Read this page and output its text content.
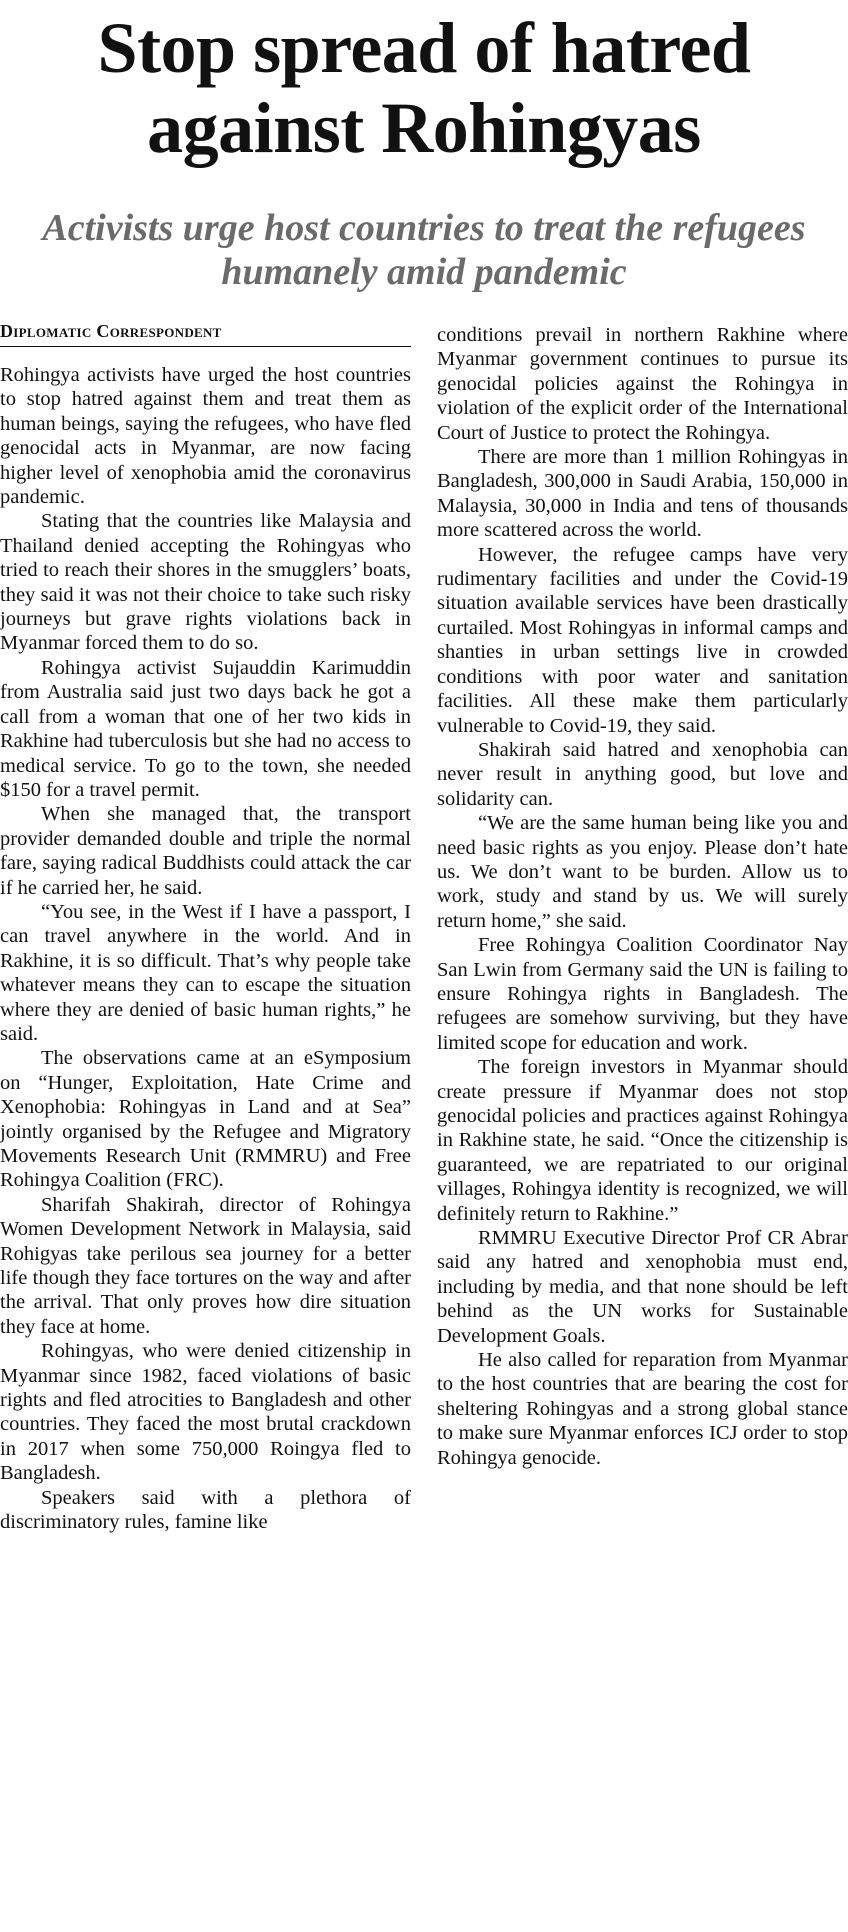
Stop spread of hatred against Rohingyas
Activists urge host countries to treat the refugees humanely amid pandemic
Diplomatic Correspondent

Rohingya activists have urged the host countries to stop hatred against them and treat them as human beings, saying the refugees, who have fled genocidal acts in Myanmar, are now facing higher level of xenophobia amid the coronavirus pandemic.

Stating that the countries like Malaysia and Thailand denied accepting the Rohingyas who tried to reach their shores in the smugglers’ boats, they said it was not their choice to take such risky journeys but grave rights violations back in Myanmar forced them to do so.

Rohingya activist Sujauddin Karimuddin from Australia said just two days back he got a call from a woman that one of her two kids in Rakhine had tuberculosis but she had no access to medical service. To go to the town, she needed $150 for a travel permit.

When she managed that, the transport provider demanded double and triple the normal fare, saying radical Buddhists could attack the car if he carried her, he said.

“You see, in the West if I have a passport, I can travel anywhere in the world. And in Rakhine, it is so difficult. That’s why people take whatever means they can to escape the situation where they are denied of basic human rights,” he said.

The observations came at an eSymposium on “Hunger, Exploitation, Hate Crime and Xenophobia: Rohingyas in Land and at Sea” jointly organised by the Refugee and Migratory Movements Research Unit (RMMRU) and Free Rohingya Coalition (FRC).

Sharifah Shakirah, director of Rohingya Women Development Network in Malaysia, said Rohigyas take perilous sea journey for a better life though they face tortures on the way and after the arrival. That only proves how dire situation they face at home.

Rohingyas, who were denied citizenship in Myanmar since 1982, faced violations of basic rights and fled atrocities to Bangladesh and other countries. They faced the most brutal crackdown in 2017 when some 750,000 Roingya fled to Bangladesh.

Speakers said with a plethora of discriminatory rules, famine like

conditions prevail in northern Rakhine where Myanmar government continues to pursue its genocidal policies against the Rohingya in violation of the explicit order of the International Court of Justice to protect the Rohingya.

There are more than 1 million Rohingyas in Bangladesh, 300,000 in Saudi Arabia, 150,000 in Malaysia, 30,000 in India and tens of thousands more scattered across the world.

However, the refugee camps have very rudimentary facilities and under the Covid-19 situation available services have been drastically curtailed. Most Rohingyas in informal camps and shanties in urban settings live in crowded conditions with poor water and sanitation facilities. All these make them particularly vulnerable to Covid-19, they said.

Shakirah said hatred and xenophobia can never result in anything good, but love and solidarity can.

“We are the same human being like you and need basic rights as you enjoy. Please don’t hate us. We don’t want to be burden. Allow us to work, study and stand by us. We will surely return home,” she said.

Free Rohingya Coalition Coordinator Nay San Lwin from Germany said the UN is failing to ensure Rohingya rights in Bangladesh. The refugees are somehow surviving, but they have limited scope for education and work.

The foreign investors in Myanmar should create pressure if Myanmar does not stop genocidal policies and practices against Rohingya in Rakhine state, he said. “Once the citizenship is guaranteed, we are repatriated to our original villages, Rohingya identity is recognized, we will definitely return to Rakhine.”

RMMRU Executive Director Prof CR Abrar said any hatred and xenophobia must end, including by media, and that none should be left behind as the UN works for Sustainable Development Goals.

He also called for reparation from Myanmar to the host countries that are bearing the cost for sheltering Rohingyas and a strong global stance to make sure Myanmar enforces ICJ order to stop Rohingya genocide.
